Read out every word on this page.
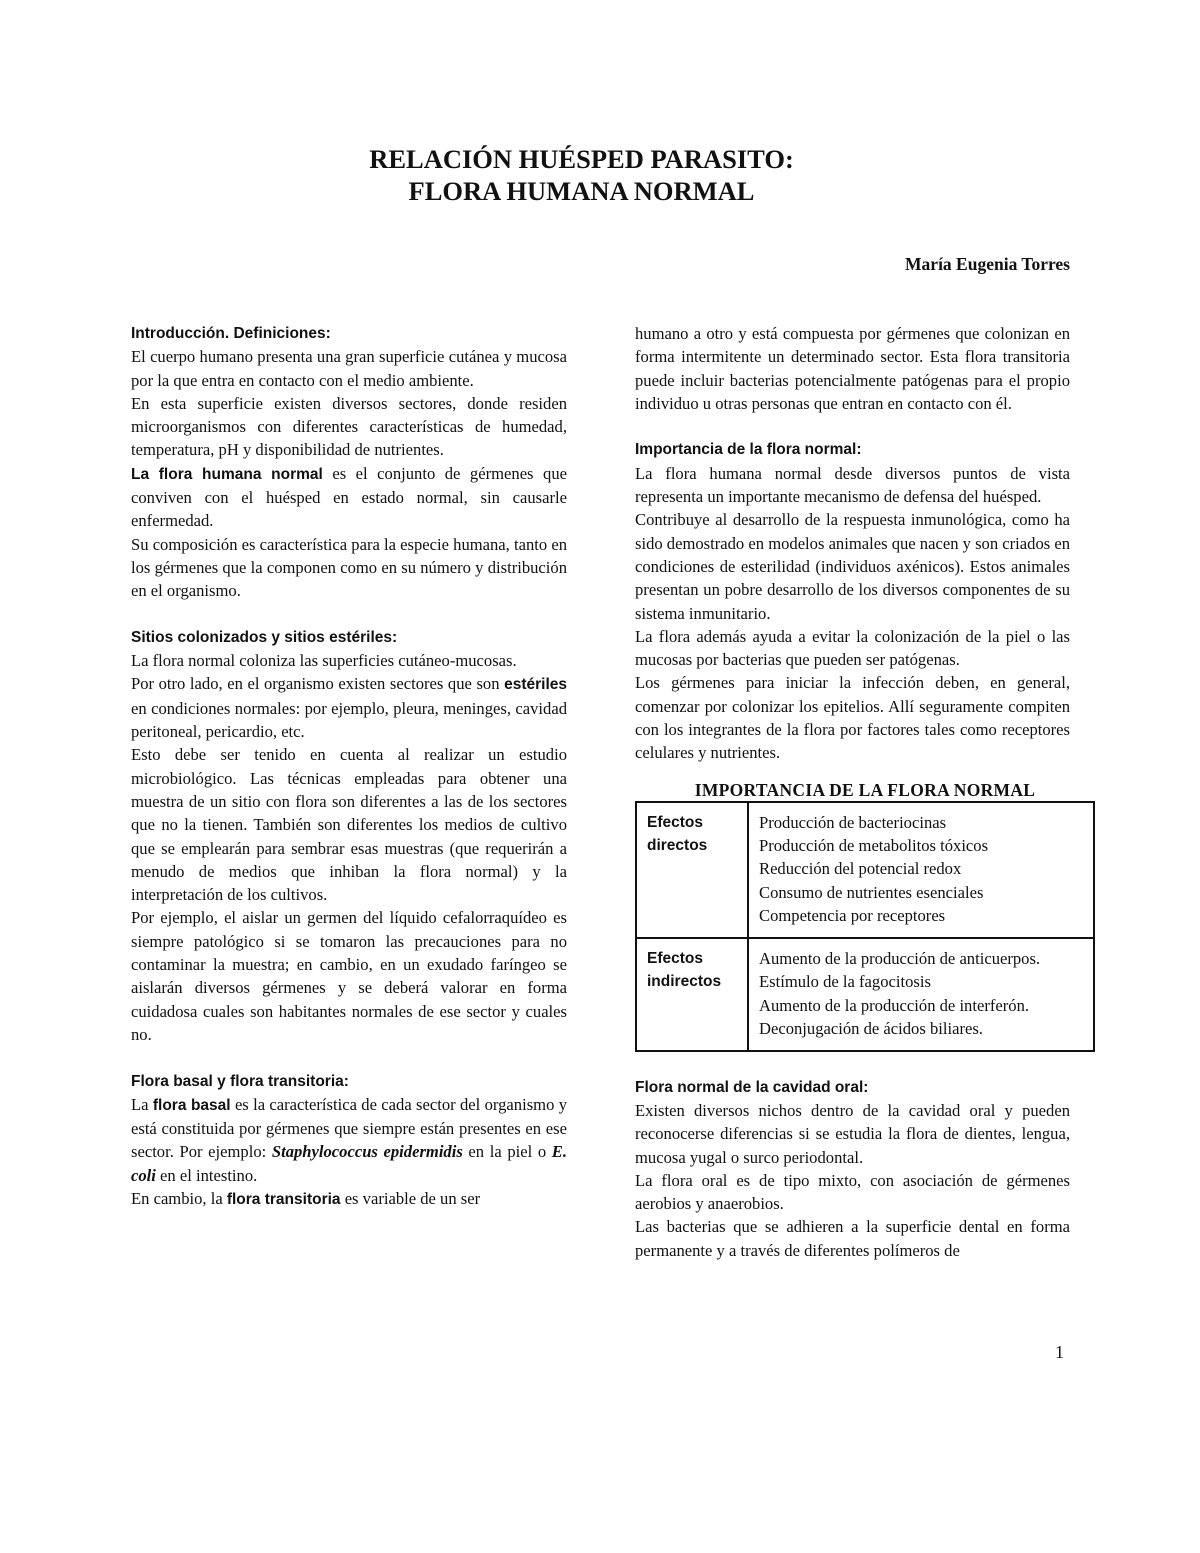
RELACIÓN HUÉSPED PARASITO:
FLORA HUMANA NORMAL
María Eugenia Torres
Introducción. Definiciones:

El cuerpo humano presenta una gran superficie cutánea y mucosa por la que entra en contacto con el medio ambiente.

En esta superficie existen diversos sectores, donde residen microorganismos con diferentes características de humedad, temperatura, pH y disponibilidad de nutrientes.

La flora humana normal es el conjunto de gérmenes que conviven con el huésped en estado normal, sin causarle enfermedad.

Su composición es característica para la especie humana, tanto en los gérmenes que la componen como en su número y distribución en el organismo.

Sitios colonizados y sitios estériles:

La flora normal coloniza las superficies cutáneo-mucosas.

Por otro lado, en el organismo existen sectores que son estériles en condiciones normales: por ejemplo, pleura, meninges, cavidad peritoneal, pericardio, etc.

Esto debe ser tenido en cuenta al realizar un estudio microbiológico. Las técnicas empleadas para obtener una muestra de un sitio con flora son diferentes a las de los sectores que no la tienen. También son diferentes los medios de cultivo que se emplearán para sembrar esas muestras (que requerirán a menudo de medios que inhiban la flora normal) y la interpretación de los cultivos.

Por ejemplo, el aislar un germen del líquido cefalorraquídeo es siempre patológico si se tomaron las precauciones para no contaminar la muestra; en cambio, en un exudado faríngeo se aislarán diversos gérmenes y se deberá valorar en forma cuidadosa cuales son habitantes normales de ese sector y cuales no.

Flora basal y flora transitoria:

La flora basal es la característica de cada sector del organismo y está constituida por gérmenes que siempre están presentes en ese sector. Por ejemplo: Staphylococcus epidermidis en la piel o E. coli en el intestino.

En cambio, la flora transitoria es variable de un ser

humano a otro y está compuesta por gérmenes que colonizan en forma intermitente un determinado sector. Esta flora transitoria puede incluir bacterias potencialmente patógenas para el propio individuo u otras personas que entran en contacto con él.

Importancia de la flora normal:

La flora humana normal desde diversos puntos de vista representa un importante mecanismo de defensa del huésped.

Contribuye al desarrollo de la respuesta inmunológica, como ha sido demostrado en modelos animales que nacen y son criados en condiciones de esterilidad (individuos axénicos). Estos animales presentan un pobre desarrollo de los diversos componentes de su sistema inmunitario.

La flora además ayuda a evitar la colonización de la piel o las mucosas por bacterias que pueden ser patógenas.

Los gérmenes para iniciar la infección deben, en general, comenzar por colonizar los epitelios. Allí seguramente compiten con los integrantes de la flora por factores tales como receptores celulares y nutrientes.

IMPORTANCIA DE LA FLORA NORMAL
Efectos directos	Producción de bacteriocinas
Producción de metabolitos tóxicos
Reducción del potencial redox
Consumo de nutrientes esenciales
Competencia por receptores

Efectos indirectos	Aumento de la producción de anticuerpos.
Estímulo de la fagocitosis
Aumento de la producción de interferón.
Deconjugación de ácidos biliares.
Flora normal de la cavidad oral:

Existen diversos nichos dentro de la cavidad oral y pueden reconocerse diferencias si se estudia la flora de dientes, lengua, mucosa yugal o surco periodontal.

La flora oral es de tipo mixto, con asociación de gérmenes aerobios y anaerobios.

Las bacterias que se adhieren a la superficie dental en forma permanente y a través de diferentes polímeros de

1
